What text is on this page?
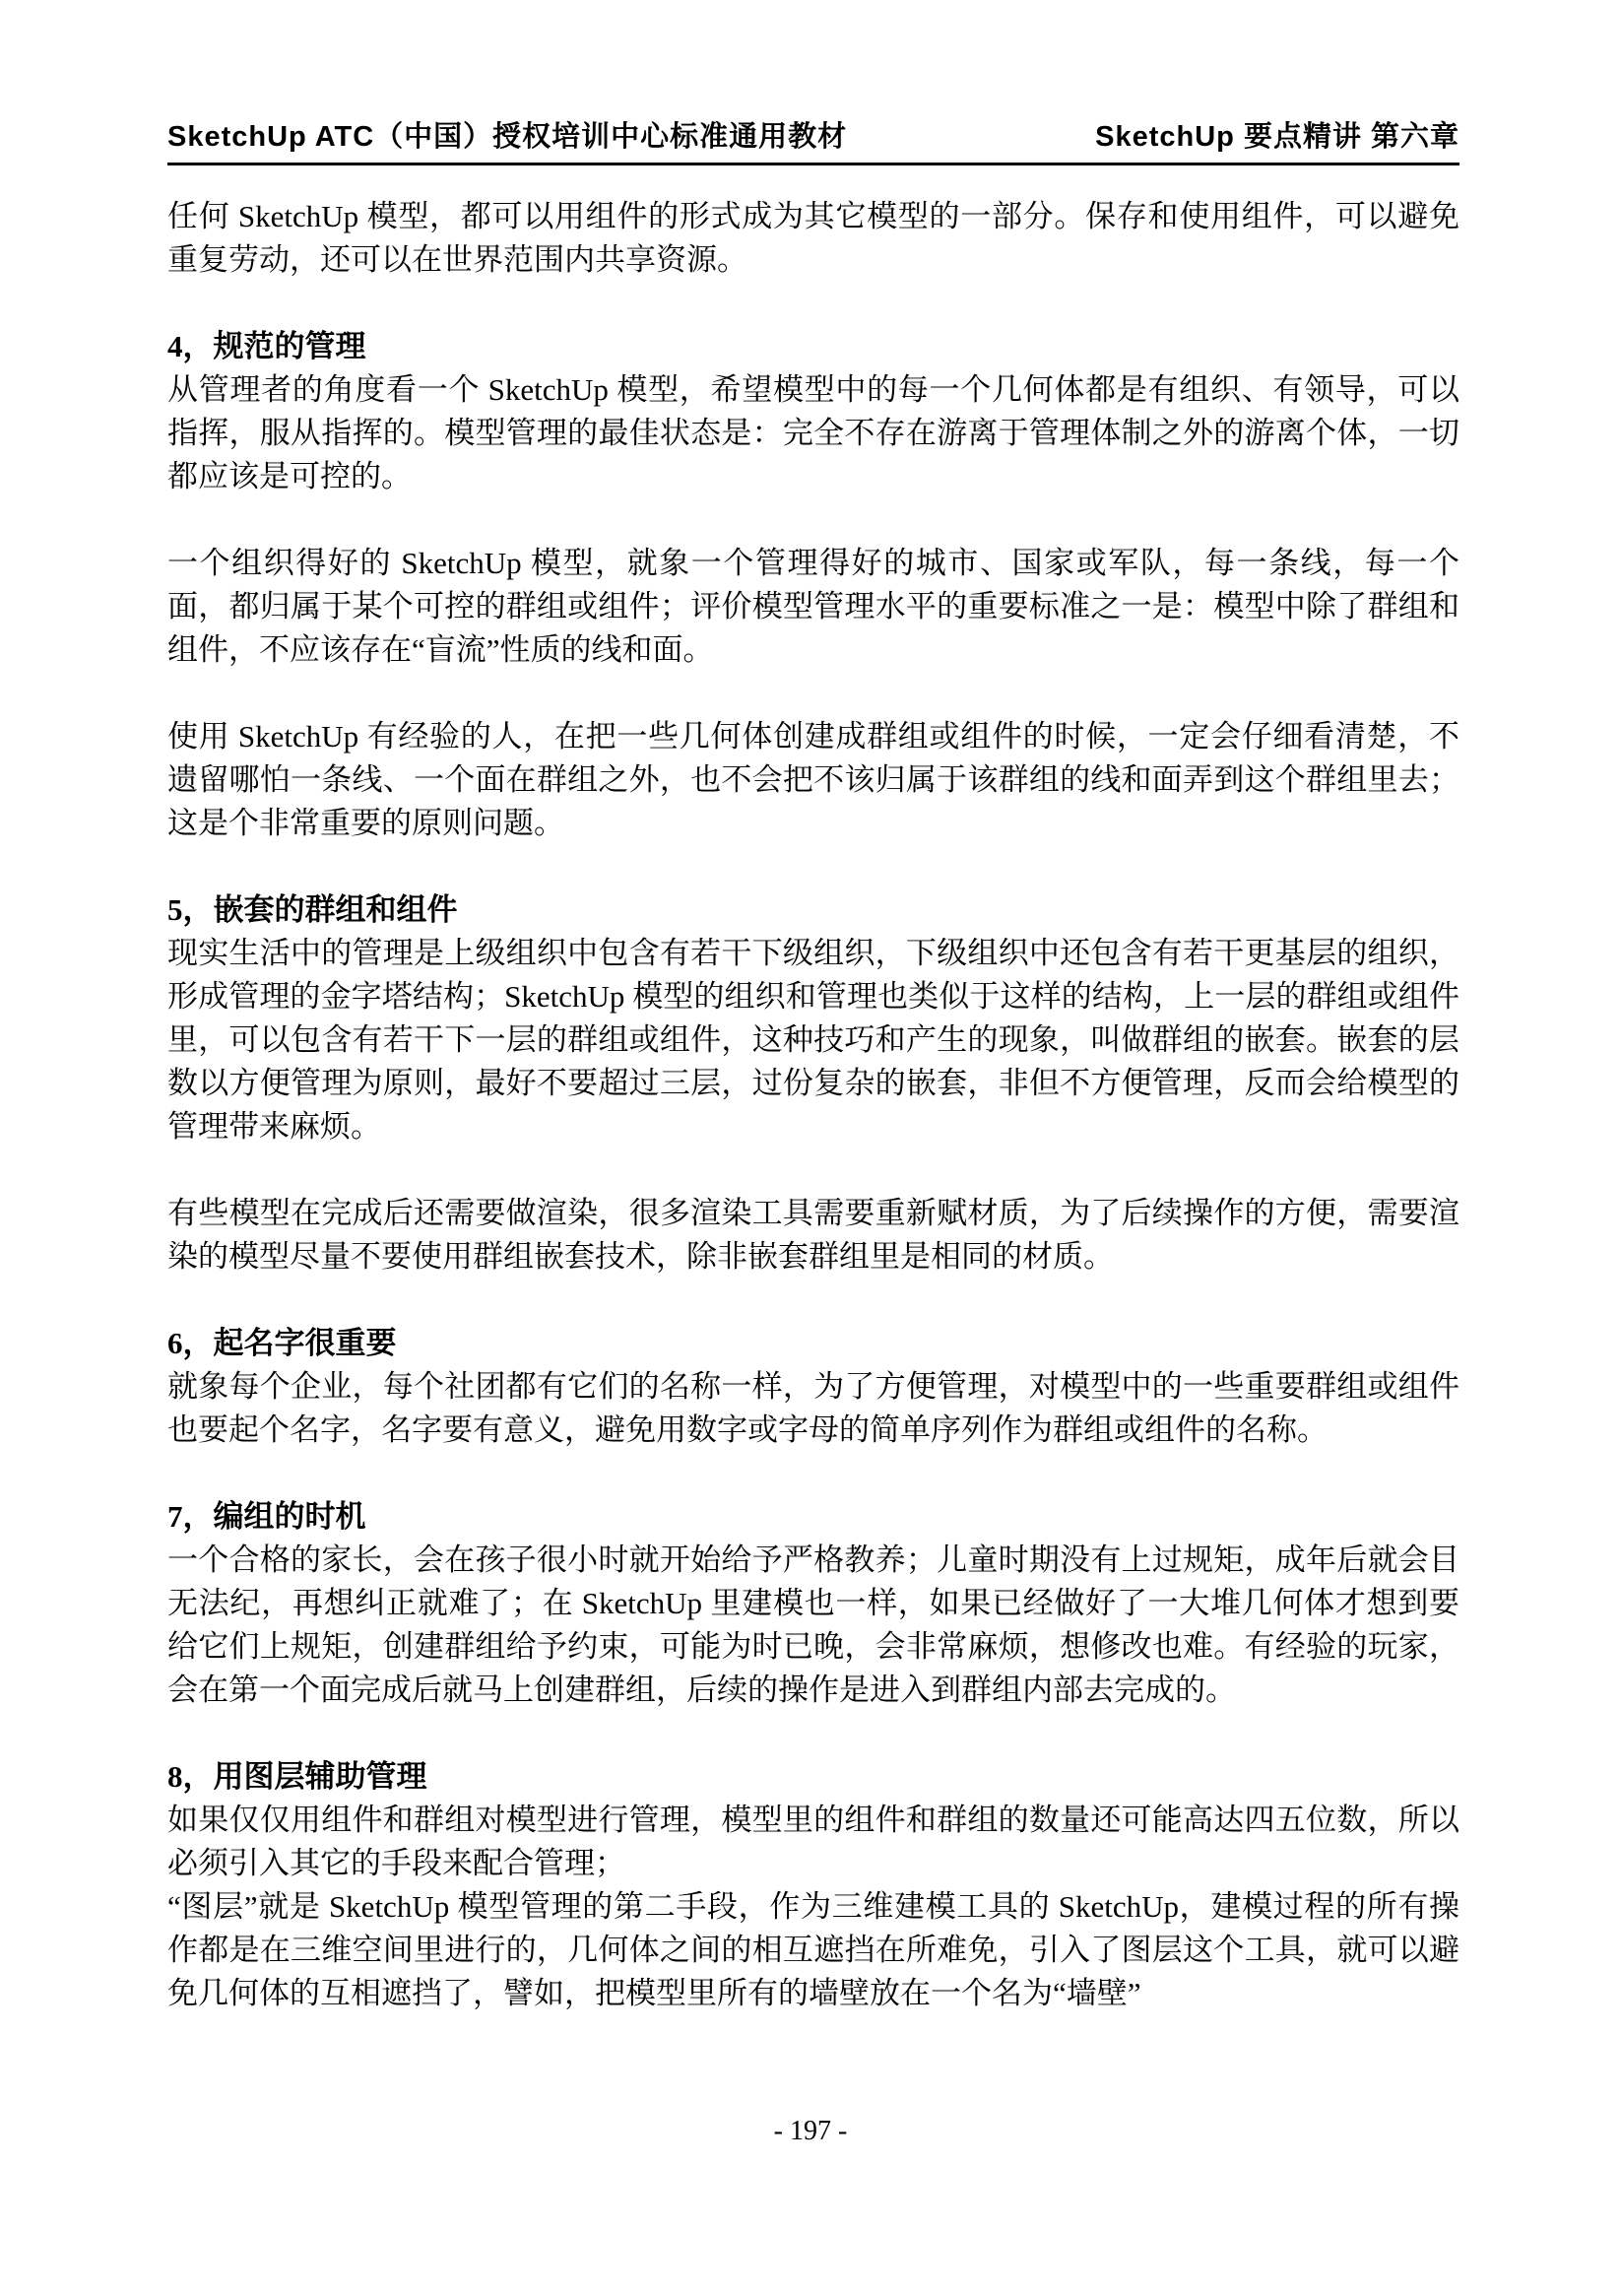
SketchUp ATC（中国）授权培训中心标准通用教材	SketchUp 要点精讲 第六章

任何 SketchUp 模型，都可以用组件的形式成为其它模型的一部分。保存和使用组件，可以避免重复劳动，还可以在世界范围内共享资源。

4，规范的管理

从管理者的角度看一个 SketchUp 模型，希望模型中的每一个几何体都是有组织、有领导，可以指挥，服从指挥的。模型管理的最佳状态是：完全不存在游离于管理体制之外的游离个体，一切都应该是可控的。

一个组织得好的 SketchUp 模型，就象一个管理得好的城市、国家或军队，每一条线，每一个面，都归属于某个可控的群组或组件；评价模型管理水平的重要标准之一是：模型中除了群组和组件，不应该存在“盲流”性质的线和面。

使用 SketchUp 有经验的人，在把一些几何体创建成群组或组件的时候，一定会仔细看清楚，不遗留哪怕一条线、一个面在群组之外，也不会把不该归属于该群组的线和面弄到这个群组里去；这是个非常重要的原则问题。

5，嵌套的群组和组件

现实生活中的管理是上级组织中包含有若干下级组织，下级组织中还包含有若干更基层的组织，形成管理的金字塔结构；SketchUp 模型的组织和管理也类似于这样的结构，上一层的群组或组件里，可以包含有若干下一层的群组或组件，这种技巧和产生的现象，叫做群组的嵌套。嵌套的层数以方便管理为原则，最好不要超过三层，过份复杂的嵌套，非但不方便管理，反而会给模型的管理带来麻烦。

有些模型在完成后还需要做渲染，很多渲染工具需要重新赋材质，为了后续操作的方便，需要渲染的模型尽量不要使用群组嵌套技术，除非嵌套群组里是相同的材质。

6，起名字很重要

就象每个企业，每个社团都有它们的名称一样，为了方便管理，对模型中的一些重要群组或组件也要起个名字，名字要有意义，避免用数字或字母的简单序列作为群组或组件的名称。

7，编组的时机

一个合格的家长，会在孩子很小时就开始给予严格教养；儿童时期没有上过规矩，成年后就会目无法纪，再想纠正就难了；在 SketchUp 里建模也一样，如果已经做好了一大堆几何体才想到要给它们上规矩，创建群组给予约束，可能为时已晚，会非常麻烦，想修改也难。有经验的玩家，会在第一个面完成后就马上创建群组，后续的操作是进入到群组内部去完成的。

8，用图层辅助管理

如果仅仅用组件和群组对模型进行管理，模型里的组件和群组的数量还可能高达四五位数，所以必须引入其它的手段来配合管理；

“图层”就是 SketchUp 模型管理的第二手段，作为三维建模工具的 SketchUp，建模过程的所有操作都是在三维空间里进行的，几何体之间的相互遮挡在所难免，引入了图层这个工具，就可以避免几何体的互相遮挡了，譬如，把模型里所有的墙壁放在一个名为“墙壁”

- 197 -
